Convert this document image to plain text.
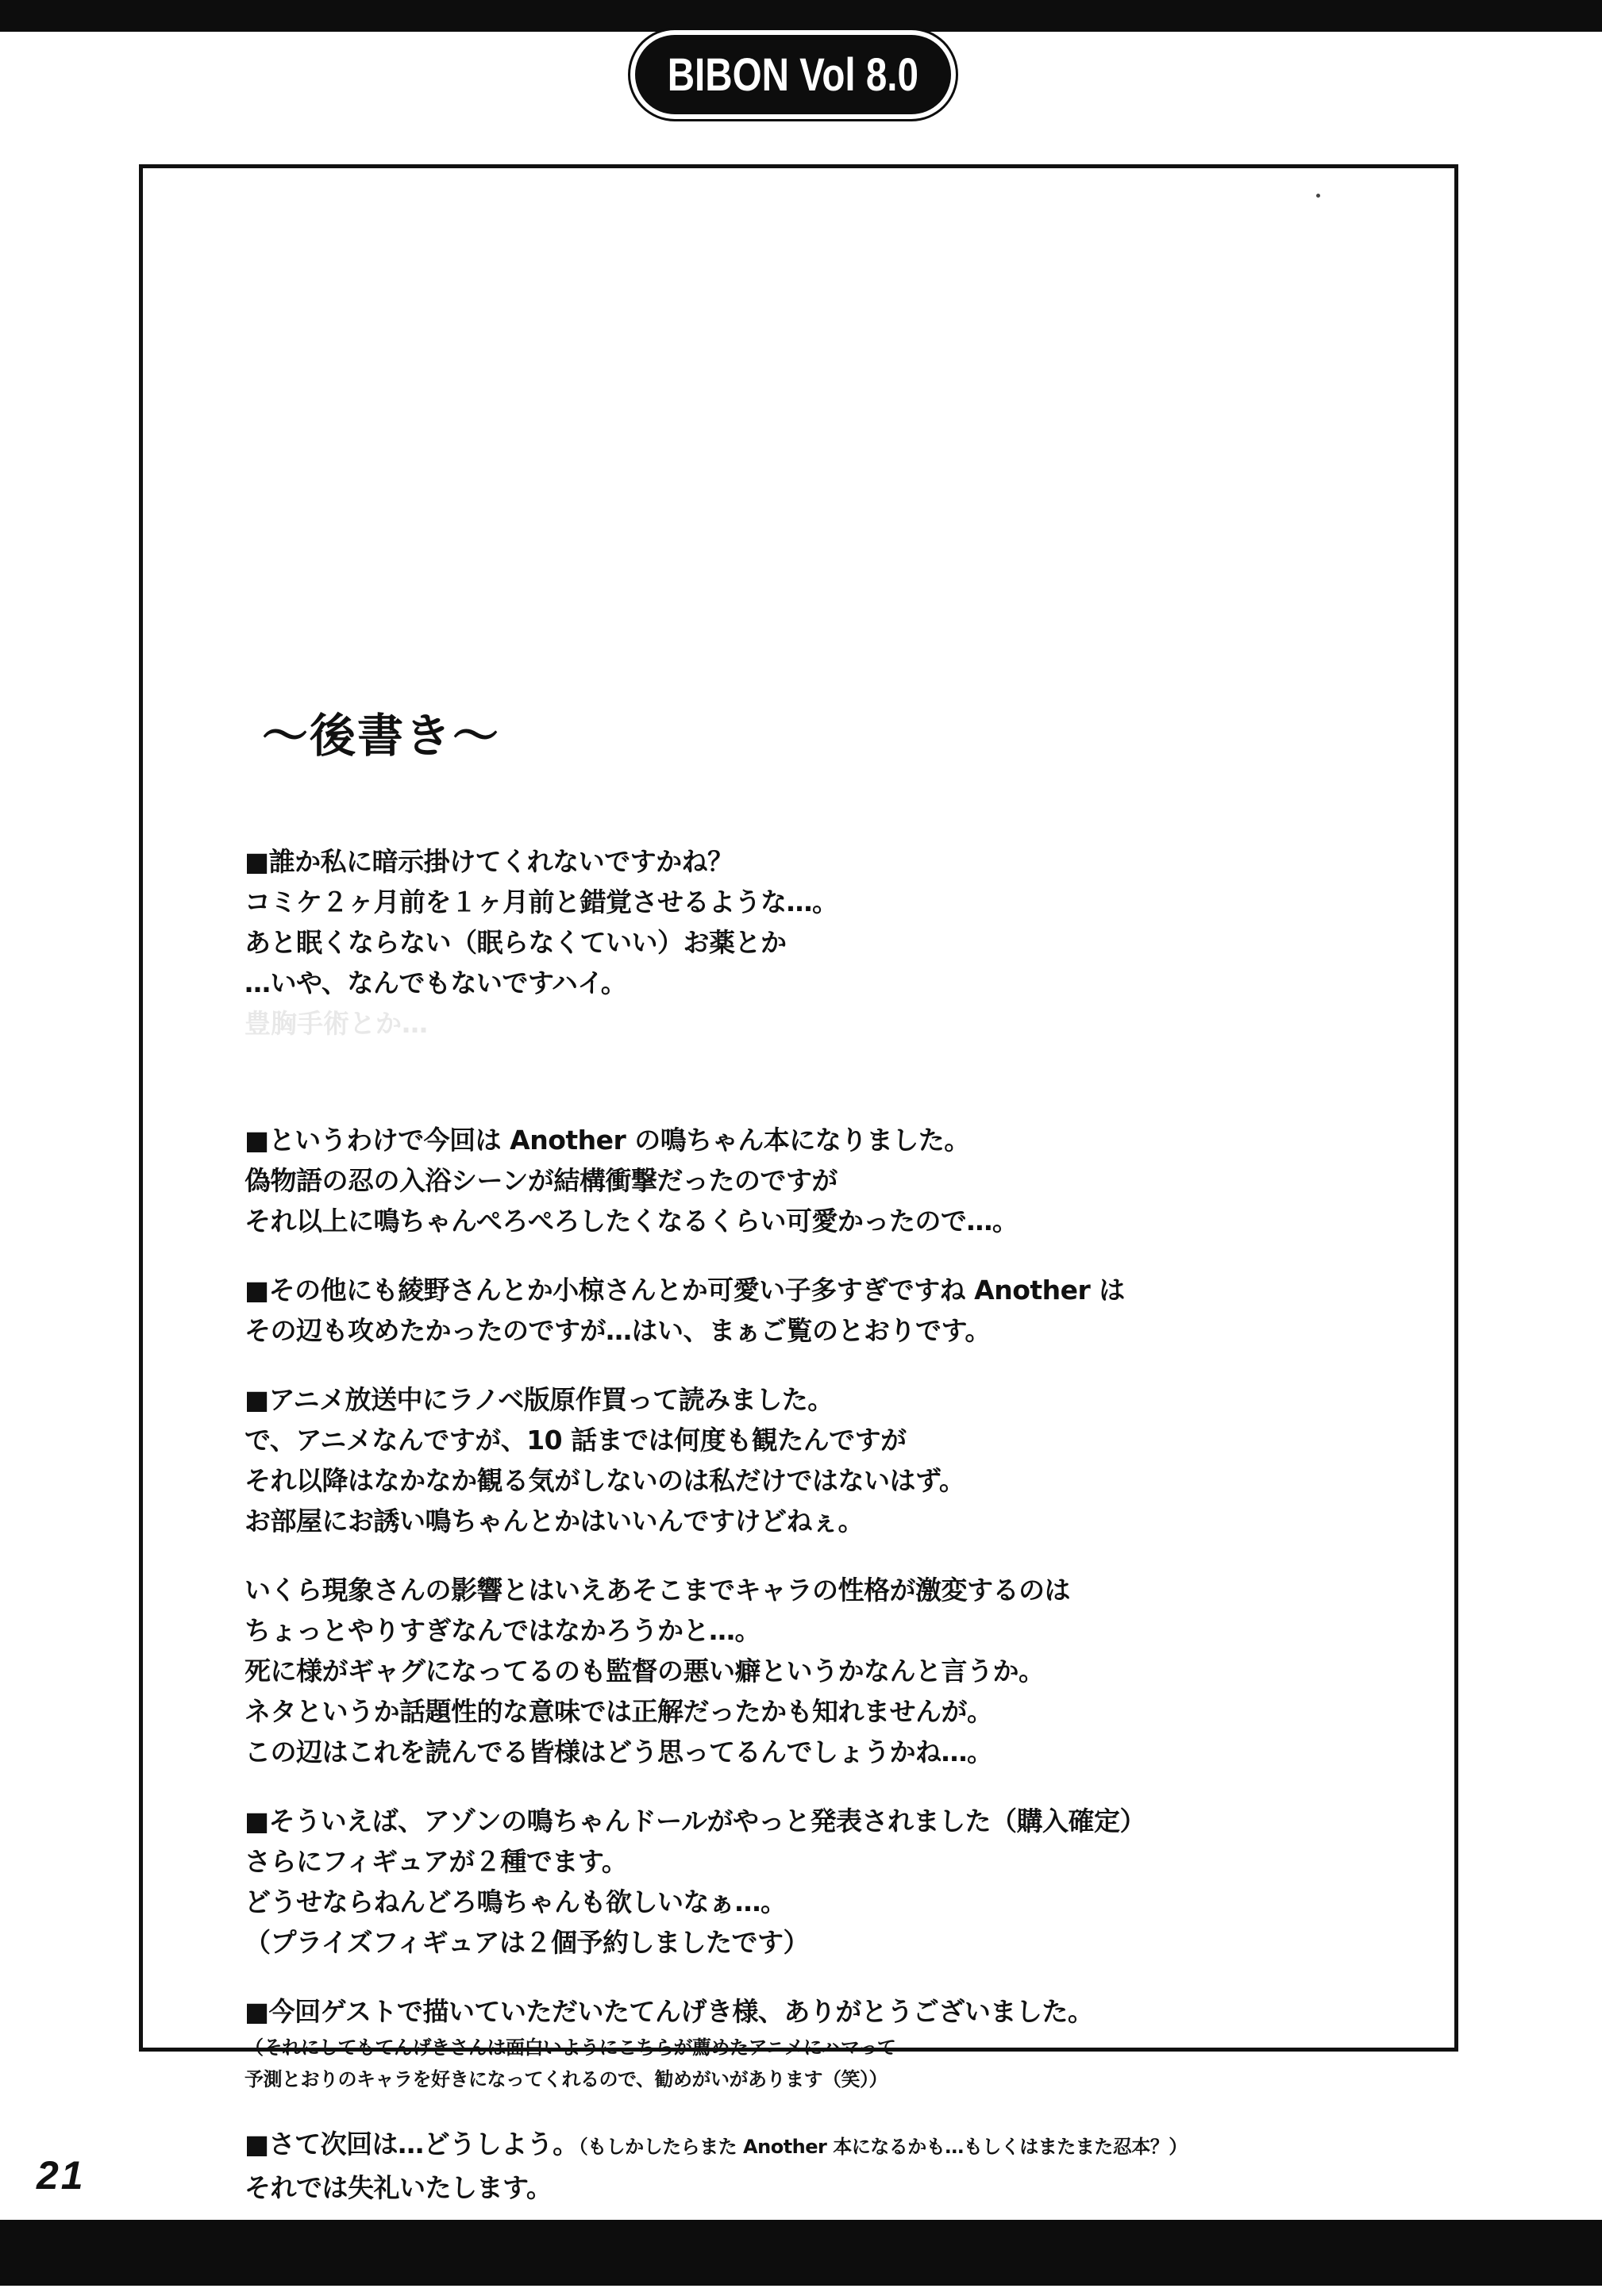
BIBON Vol 8.0
〜後書き〜
■誰か私に暗示掛けてくれないですかね？
コミケ２ヶ月前を１ヶ月前と錯覚させるような…。
あと眠くならない（眠らなくていい）お薬とか
…いや、なんでもないですハイ。
豊胸手術とか…
■というわけで今回は Another の鳴ちゃん本になりました。
偽物語の忍の入浴シーンが結構衝撃だったのですが
それ以上に鳴ちゃんぺろぺろしたくなるくらい可愛かったので…。
■その他にも綾野さんとか小椋さんとか可愛い子多すぎですね Another は
その辺も攻めたかったのですが…はい、まぁご覧のとおりです。
■アニメ放送中にラノベ版原作買って読みました。
で、アニメなんですが、10 話までは何度も観たんですが
それ以降はなかなか観る気がしないのは私だけではないはず。
お部屋にお誘い鳴ちゃんとかはいいんですけどねぇ。
いくら現象さんの影響とはいえあそこまでキャラの性格が激変するのは
ちょっとやりすぎなんではなかろうかと…。
死に様がギャグになってるのも監督の悪い癖というかなんと言うか。
ネタというか話題性的な意味では正解だったかも知れませんが。
この辺はこれを読んでる皆様はどう思ってるんでしょうかね…。
■そういえば、アゾンの鳴ちゃんドールがやっと発表されました（購入確定）
さらにフィギュアが２種でます。
どうせならねんどろ鳴ちゃんも欲しいなぁ…。
（プライズフィギュアは２個予約しましたです）
■今回ゲストで描いていただいたてんげき様、ありがとうございました。
（それにしてもてんげきさんは面白いようにこちらが薦めたアニメにハマって
予測とおりのキャラを好きになってくれるので、勧めがいがあります（笑））
■さて次回は…どうしよう。（もしかしたらまた Another 本になるかも…もしくはまたまた忍本？）
それでは失礼いたします。
21
